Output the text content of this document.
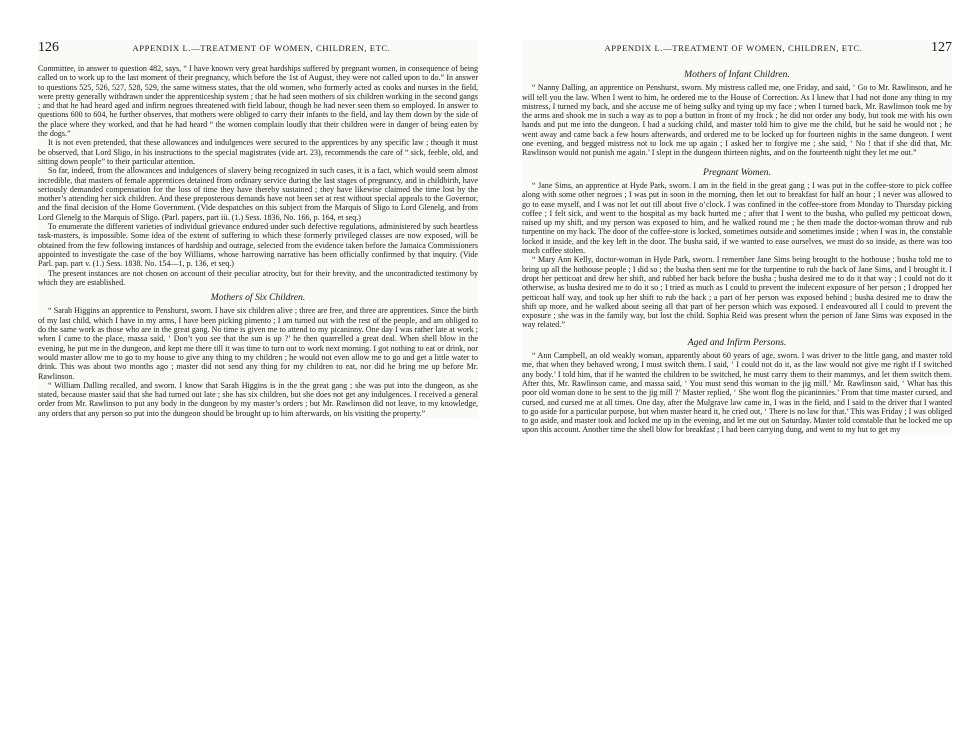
126	APPENDIX L.—TREATMENT OF WOMEN, CHILDREN, ETC.

Committee, in answer to question 482, says, “ I have known very great hardships suffered by pregnant women, in consequence of being called on to work up to the last moment of their pregnancy, which before the 1st of August, they were not called upon to do.” In answer to questions 525, 526, 527, 528, 529, the same witness states, that the old women, who formerly acted as cooks and nurses in the field, were pretty generally withdrawn under the apprenticeship system ; that he had seen mothers of six children working in the second gangs ; and that he had heard aged and infirm negroes threatened with field labour, though he had never seen them so employed. In answer to questions 600 to 604, he further observes, that mothers were obliged to carry their infants to the field, and lay them down by the side of the place where they worked, and that he had heard “ the women complain loudly that their children were in danger of being eaten by the dogs.”

It is not even pretended, that these allowances and indulgences were secured to the apprentices by any specific law ; though it must be observed, that Lord Sligo, in his instructions to the special magistrates (vide art. 23), recommends the care of “ sick, feeble, old, and sitting down people” to their particular attention.

So far, indeed, from the allowances and indulgences of slavery being recognized in such cases, it is a fact, which would seem almost incredible, that masters of female apprentices detained from ordinary service during the last stages of pregnancy, and in childbirth, have seriously demanded compensation for the loss of time they have thereby sustained ; they have likewise claimed the time lost by the mother’s attending her sick children. And these preposterous demands have not been set at rest without special appeals to the Governor, and the final decision of the Home Government. (Vide despatches on this subject from the Marquis of Sligo to Lord Glenelg, and from Lord Glenelg to the Marquis of Sligo. (Parl. papers, part iii. (1.) Sess. 1836, No. 166, p. 164, et seq.)

To enumerate the different varieties of individual grievance endured under such defective regulations, administered by such heartless task-masters, is impossible. Some idea of the extent of suffering to which these formerly privileged classes are now exposed, will be obtained from the few following instances of hardship and outrage, selected from the evidence taken before the Jamaica Commissioners appointed to investigate the case of the boy Williams, whose harrowing narrative has been officially confirmed by that inquiry. (Vide Parl. pap. part v. (1.) Sess. 1838. No. 154—1, p. 136, et seq.)

The present instances are not chosen on account of their peculiar atrocity, but for their brevity, and the uncontradicted testimony by which they are established.

Mothers of Six Children.

“ Sarah Higgins an apprentice to Penshurst, sworn. I have six children alive ; three are free, and three are apprentices. Since the birth of my last child, which I have in my arms, I have been picking pimento ; I am turned out with the rest of the people, and am obliged to do the same work as those who are in the great gang. No time is given me to attend to my picaninny. One day I was rather late at work ; when I came to the place, massa said, ‘ Don’t you see that the sun is up ?’ he then quarrelled a great deal. When shell blow in the evening, he put me in the dungeon, and kept me there till it was time to turn out to work next morning. I got nothing to eat or drink, nor would master allow me to go to my house to give any thing to my children ; he would not even allow me to go and get a little water to drink. This was about two months ago ; master did not send any thing for my children to eat, nor did he bring me up before Mr. Rawlinson.

“ William Dalling recalled, and sworn. I know that Sarah Higgins is in the the great gang ; she was put into the dungeon, as she stated, because master said that she had turned out late ; she has six children, but she does not get any indulgences. I received a general order from Mr. Rawlinson to put any body in the dungeon by my master’s orders ; but Mr. Rawlinson did not leave, to my knowledge, any orders that any person so put into the dungeon should be brought up to him afterwards, on his visiting the property.”

APPENDIX L.—TREATMENT OF WOMEN, CHILDREN, ETC.	127
Mothers of Infant Children.

“ Nanny Dalling, an apprentice on Penshurst, sworn. My mistress called me, one Friday, and said, ‘ Go to Mr. Rawlinson, and he will tell you the law. When I went to him, he ordered me to the House of Correction. As I knew that I had not done any thing to my mistress, I turned my back, and she accuse me of being sulky and tying up my face ; when I turned back, Mr. Rawlinson took me by the arms and shook me in such a way as to pop a button in front of my frock ; he did not order any body, but took me with his own hands and put me into the dungeon. I had a sucking child, and master told him to give me the child, but he said he would not ; he went away and came back a few hours afterwards, and ordered me to be locked up for fourteen nights in the same dungeon. I went one evening, and begged mistress not to lock me up again ; I asked her to forgive me ; she said, ‘ No ! that if she did that, Mr. Rawlinson would not punish me again.’ I slept in the dungeon thirteen nights, and on the fourteenth night they let me out.”

Pregnant Women.

“ Jane Sims, an apprentice at Hyde Park, sworn. I am in the field in the great gang ; I was put in the coffee-store to pick coffee along with some other negroes ; I was put in soon in the morning, then let out to breakfast for half an hour ; I never was allowed to go to ease myself, and I was not let out till about five o’clock. I was confined in the coffee-store from Monday to Thursday picking coffee ; I felt sick, and went to the hospital as my back hurted me ; after that I went to the busha, who pulled my petticoat down, raised up my shift, and my person was exposed to him, and he walked round me ; he then made the doctor-woman throw and rub turpentine on my back. The door of the coffee-store is locked, sometimes outside and sometimes inside ; when I was in, the constable locked it inside, and the key left in the door. The busha said, if we wanted to ease ourselves, we must do so inside, as there was too much coffee stolen.

“ Mary Ann Kelly, doctor-woman in Hyde Park, sworn. I remember Jane Sims being brought to the hothouse ; busha told me to bring up all the hothouse people ; I did so ; the busha then sent me for the turpentine to rub the back of Jane Sims, and I brought it. I dropt her petticoat and drew her shift, and rubbed her back before the busha ; busha desired me to do it that way ; I could not do it otherwise, as busha desired me to do it so ; I tried as much as I could to prevent the indecent exposure of her person ; I dropped her petticoat half way, and took up her shift to rub the back ; a part of her person was exposed behind ; busha desired me to draw the shift up more, and he walked about seeing all that part of her person which was exposed. I endeavoured all I could to prevent the exposure ; she was in the family way, but lost the child. Sophia Reid was present when the person of Jane Sims was exposed in the way related.”

Aged and Infirm Persons.

“ Ann Campbell, an old weakly woman, apparently about 60 years of age, sworn. I was driver to the little gang, and master told me, that when they behaved wrong, I must switch them. I said, ‘ I could not do it, as the law would not give me right if I switched any body.’ I told him, that if he wanted the children to be switched, he must carry them to their mammys, and let them switch them. After this, Mr. Rawlinson came, and massa said, ‘ You must send this woman to the jig mill.’ Mr. Rawlinson said, ‘ What has this poor old woman done to be sent to the jig mill ?’ Master replied, ‘ She wont flog the picaninnies.’ From that time master cursed, and cursed, and cursed me at all times. One day, after the Mulgrave law came in, I was in the field, and I said to the driver that I wanted to go aside for a particular purpose, but when master heard it, he cried out, ‘ There is no law for that.’ This was Friday ; I was obliged to go aside, and master took and locked me up in the evening, and let me out on Saturday. Master told constable that he locked me up upon this account. Another time the shell blow for breakfast ; I had been carrying dung, and went to my hut to get my
